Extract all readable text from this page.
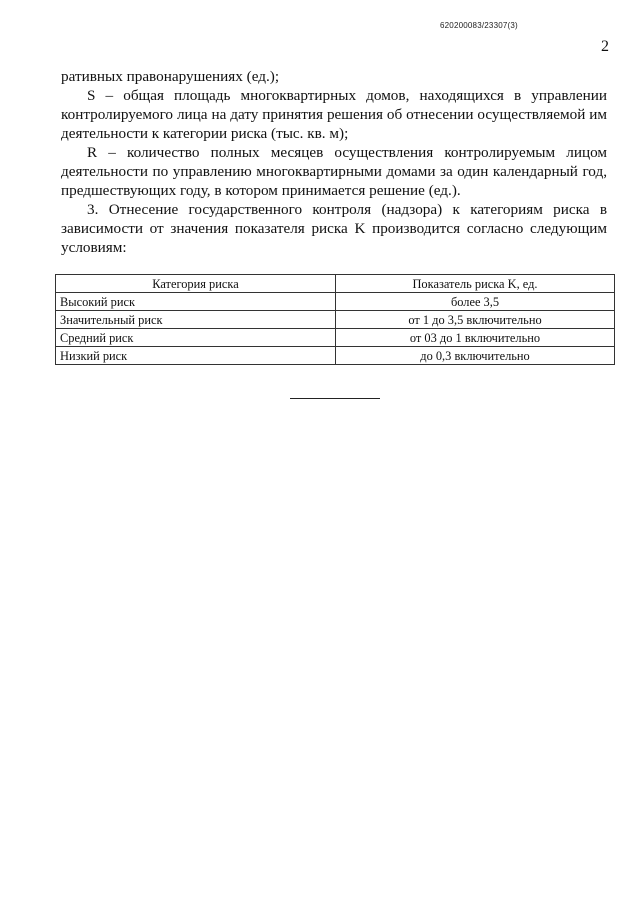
620200083/23307(3)
2

ративных правонарушениях (ед.);

S – общая площадь многоквартирных домов, находящихся в управлении контролируемого лица на дату принятия решения об отнесении осуществляемой им деятельности к категории риска (тыс. кв. м);

R – количество полных месяцев осуществления контролируемым лицом деятельности по управлению многоквартирными домами за один календарный год, предшествующих году, в котором принимается решение (ед.).

3. Отнесение государственного контроля (надзора) к категориям риска в зависимости от значения показателя риска K производится согласно следующим условиям:

Категория риска	Показатель риска K, ед.
Высокий риск	более 3,5
Значительный риск	от 1 до 3,5 включительно
Средний риск	от 03 до 1 включительно
Низкий риск	до 0,3 включительно
